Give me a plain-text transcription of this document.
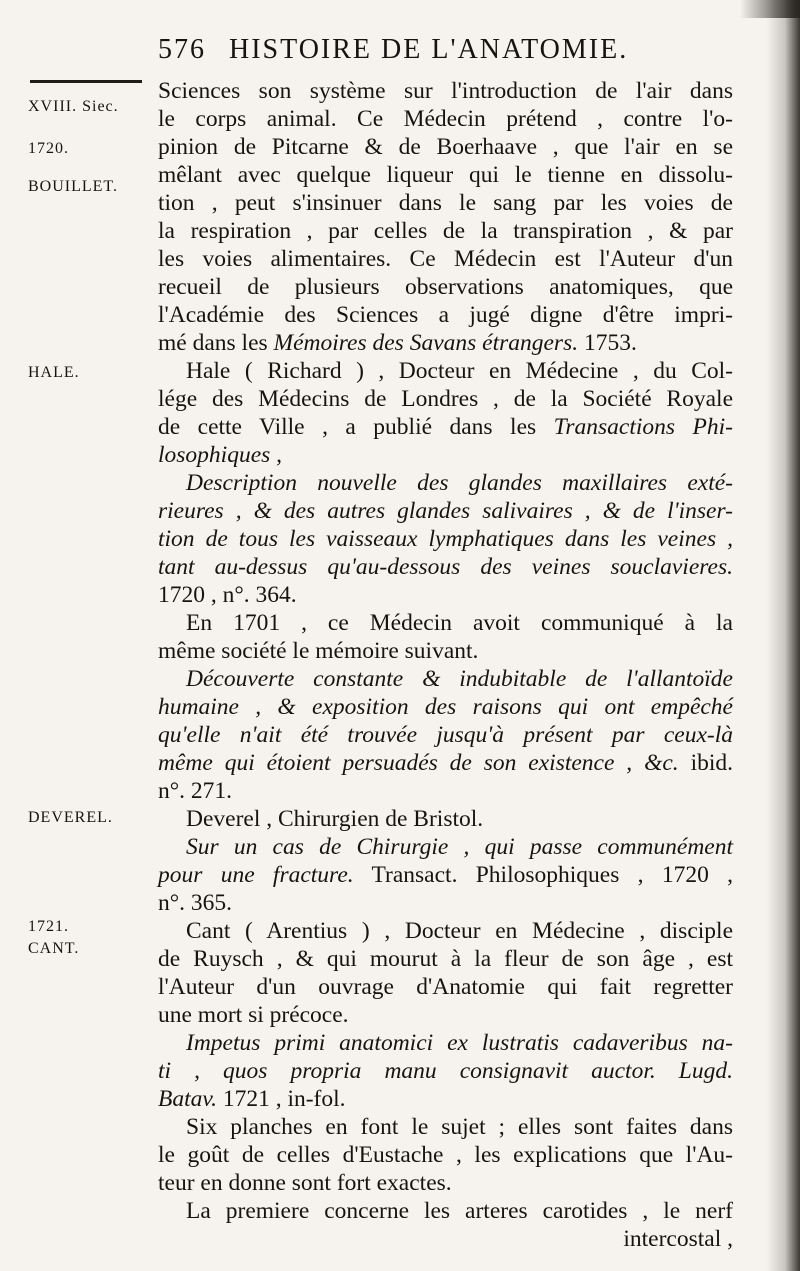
576 HISTOIRE DE L'ANATOMIE.
XVIII. Siec.
1720.
BOUILLET.
HALE.
DEVEREL.
1721.
CANT.
Sciences son système sur l'introduction de l'air dans
le corps animal. Ce Médecin prétend , contre l'o-
pinion de Pitcarne & de Boerhaave , que l'air en se
mêlant avec quelque liqueur qui le tienne en dissolu-
tion , peut s'insinuer dans le sang par les voies de
la respiration , par celles de la transpiration , & par
les voies alimentaires. Ce Médecin est l'Auteur d'un
recueil de plusieurs observations anatomiques, que
l'Académie des Sciences a jugé digne d'être impri-
mé dans les Mémoires des Savans étrangers. 1753.
Hale ( Richard ) , Docteur en Médecine , du Col-
lége des Médecins de Londres , de la Société Royale
de cette Ville , a publié dans les Transactions Phi-
losophiques ,
Description nouvelle des glandes maxillaires exté-
rieures , & des autres glandes salivaires , & de l'inser-
tion de tous les vaisseaux lymphatiques dans les veines ,
tant au-dessus qu'au-dessous des veines souclavieres.
1720 , n°. 364.
En 1701 , ce Médecin avoit communiqué à la
même société le mémoire suivant.
Découverte constante & indubitable de l'allantoïde
humaine , & exposition des raisons qui ont empêché
qu'elle n'ait été trouvée jusqu'à présent par ceux-là
même qui étoient persuadés de son existence , &c. ibid.
n°. 271.
Deverel , Chirurgien de Bristol.
Sur un cas de Chirurgie , qui passe communément
pour une fracture. Transact. Philosophiques , 1720 ,
n°. 365.
Cant ( Arentius ) , Docteur en Médecine , disciple
de Ruysch , & qui mourut à la fleur de son âge , est
l'Auteur d'un ouvrage d'Anatomie qui fait regretter
une mort si précoce.
Impetus primi anatomici ex lustratis cadaveribus na-
ti , quos propria manu consignavit auctor. Lugd.
Batav. 1721 , in-fol.
Six planches en font le sujet ; elles sont faites dans
le goût de celles d'Eustache , les explications que l'Au-
teur en donne sont fort exactes.
La premiere concerne les arteres carotides , le nerf
intercostal ,
